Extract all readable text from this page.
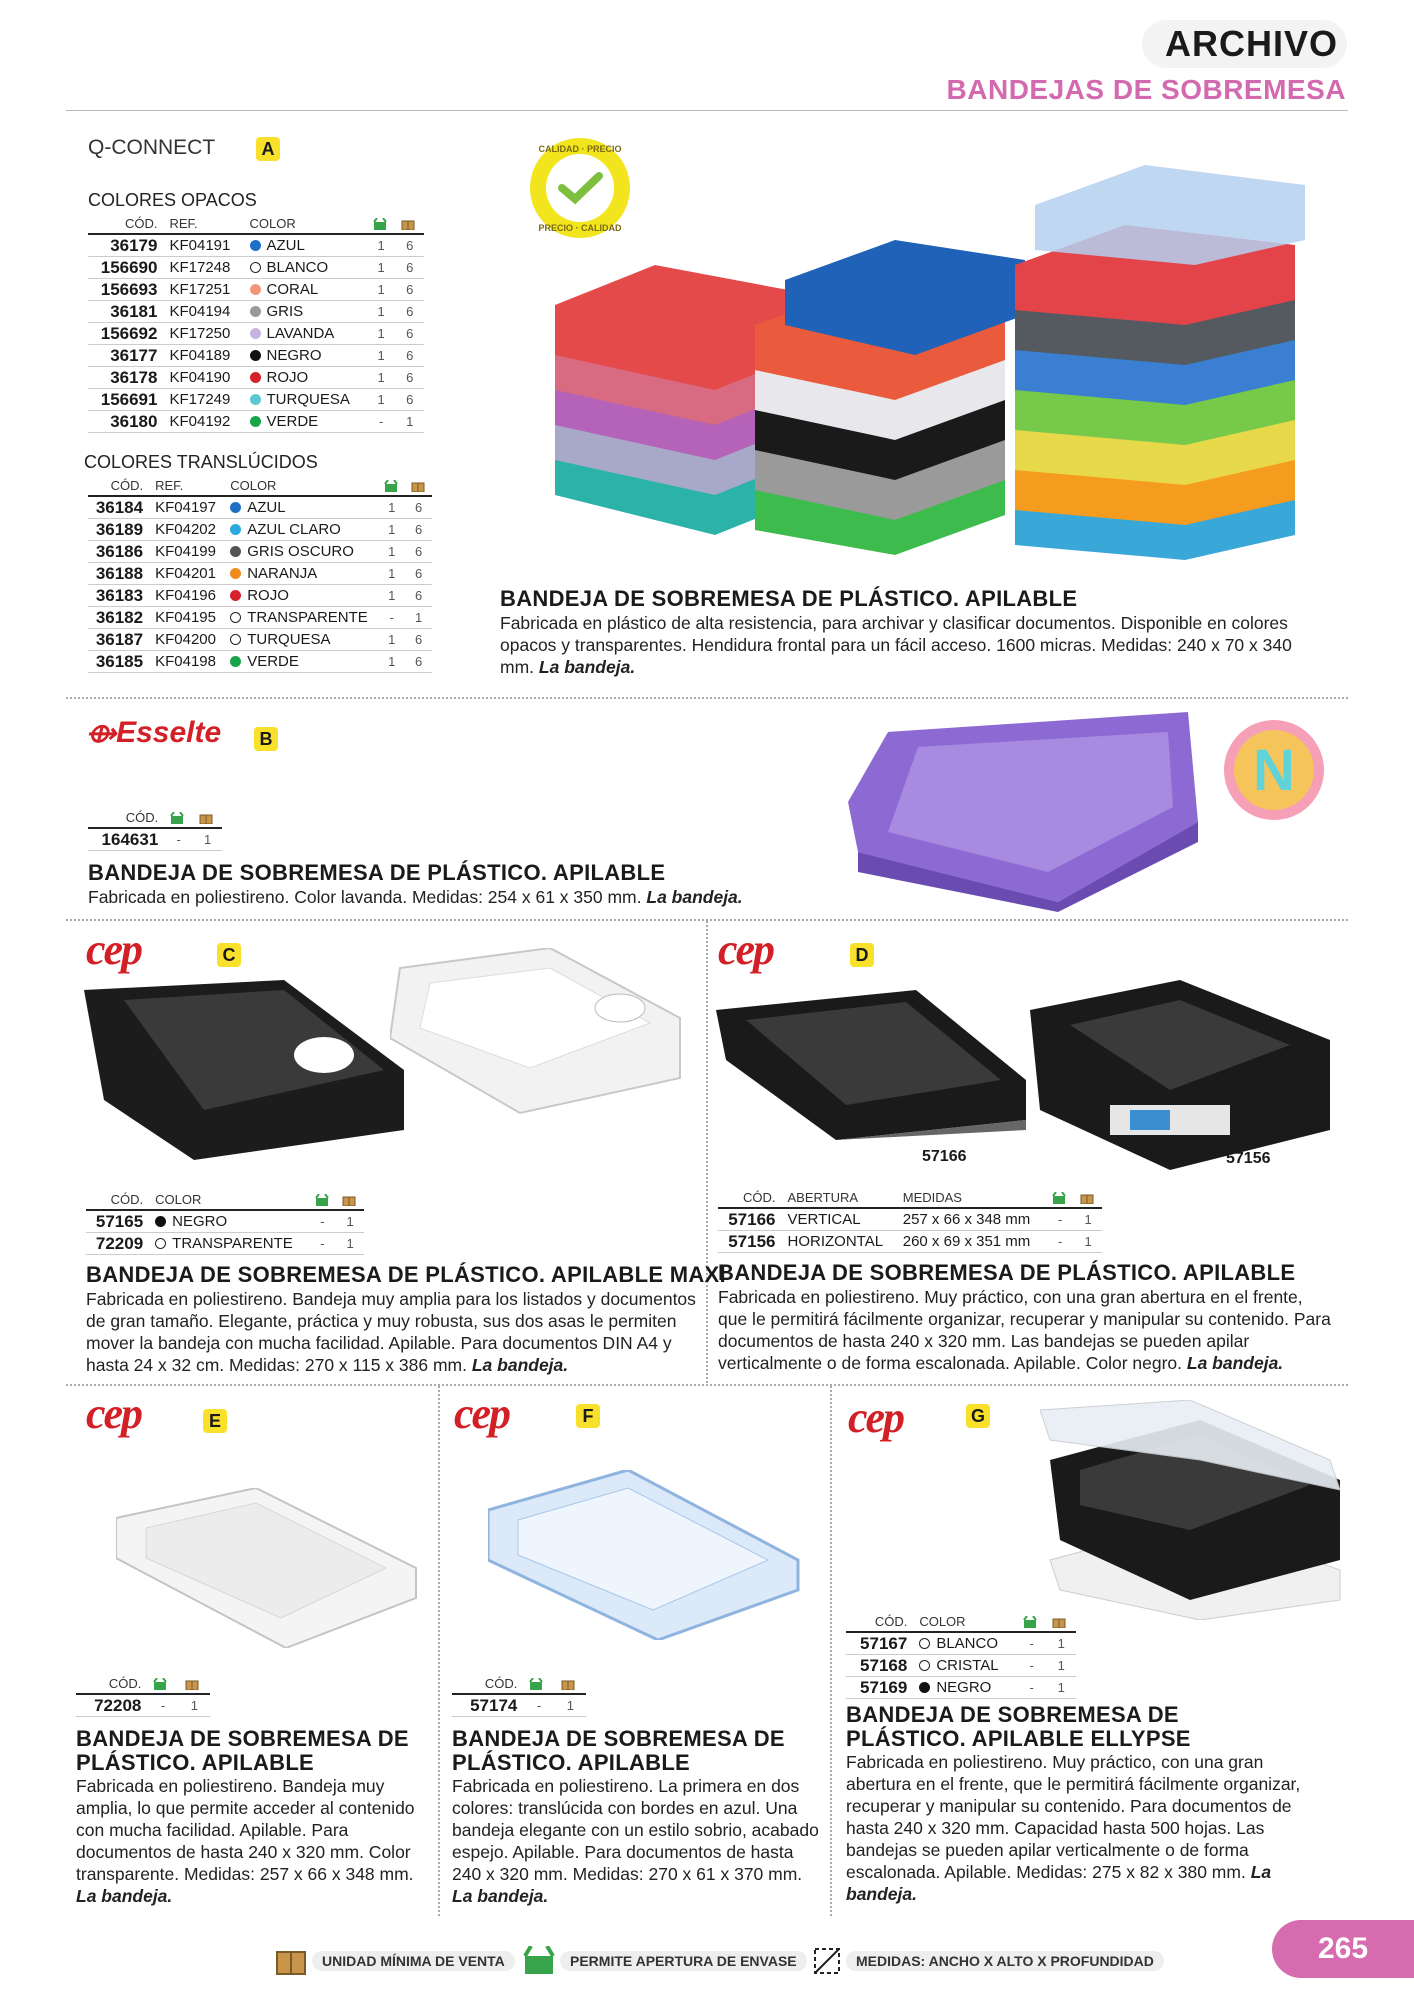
ARCHIVO
BANDEJAS DE SOBREMESA
Q-CONNECT	A
COLORES OPACOS
CÓD.	REF.	COLOR		
36179	KF04191	AZUL	1	6
156690	KF17248	BLANCO	1	6
156693	KF17251	CORAL	1	6
36181	KF04194	GRIS	1	6
156692	KF17250	LAVANDA	1	6
36177	KF04189	NEGRO	1	6
36178	KF04190	ROJO	1	6
156691	KF17249	TURQUESA	1	6
36180	KF04192	VERDE	-	1
COLORES TRANSLÚCIDOS
CÓD.	REF.	COLOR		
36184	KF04197	AZUL	1	6
36189	KF04202	AZUL CLARO	1	6
36186	KF04199	GRIS OSCURO	1	6
36188	KF04201	NARANJA	1	6
36183	KF04196	ROJO	1	6
36182	KF04195	TRANSPARENTE	-	1
36187	KF04200	TURQUESA	1	6
36185	KF04198	VERDE	1	6
CALIDAD · PRECIO
PRECIO · CALIDAD
BANDEJA DE SOBREMESA DE PLÁSTICO. APILABLE
Fabricada en plástico de alta resistencia, para archivar y clasificar documentos. Disponible en colores opacos y transparentes. Hendidura frontal para un fácil acceso. 1600 micras. Medidas: 240 x 70 x 340 mm. La bandeja.
⟴Esselte	B
CÓD.		
164631	-	1
N
BANDEJA DE SOBREMESA DE PLÁSTICO. APILABLE
Fabricada en poliestireno. Color lavanda. Medidas: 254 x 61 x 350 mm. La bandeja.
cep	C
CÓD.	COLOR		
57165	NEGRO	-	1
72209	TRANSPARENTE	-	1
BANDEJA DE SOBREMESA DE PLÁSTICO. APILABLE MAXI
Fabricada en poliestireno. Bandeja muy amplia para los listados y documentos de gran tamaño. Elegante, práctica y muy robusta, sus dos asas le permiten mover la bandeja con mucha facilidad. Apilable. Para documentos DIN A4 y hasta 24 x 32 cm. Medidas: 270 x 115 x 386 mm. La bandeja.
cep	D
57166	57156
CÓD.	ABERTURA	MEDIDAS		
57166	VERTICAL	257 x 66 x 348 mm	-	1
57156	HORIZONTAL	260 x 69 x 351 mm	-	1
BANDEJA DE SOBREMESA DE PLÁSTICO. APILABLE
Fabricada en poliestireno. Muy práctico, con una gran abertura en el frente, que le permitirá fácilmente organizar, recuperar y manipular su contenido. Para documentos de hasta 240 x 320 mm. Las bandejas se pueden apilar verticalmente o de forma escalonada. Apilable. Color negro. La bandeja.
cep	E
CÓD.		
72208	-	1
BANDEJA DE SOBREMESA DE PLÁSTICO. APILABLE
Fabricada en poliestireno. Bandeja muy amplia, lo que permite acceder al contenido con mucha facilidad. Apilable. Para documentos de hasta 240 x 320 mm. Color transparente. Medidas: 257 x 66 x 348 mm. La bandeja.
cep	F
CÓD.		
57174	-	1
BANDEJA DE SOBREMESA DE PLÁSTICO. APILABLE
Fabricada en poliestireno. La primera en dos colores: translúcida con bordes en azul. Una bandeja elegante con un estilo sobrio, acabado espejo. Apilable. Para documentos de hasta 240 x 320 mm. Medidas: 270 x 61 x 370 mm. La bandeja.
cep	G
CÓD.	COLOR		
57167	BLANCO	-	1
57168	CRISTAL	-	1
57169	NEGRO	-	1
BANDEJA DE SOBREMESA DE PLÁSTICO. APILABLE ELLYPSE
Fabricada en poliestireno. Muy práctico, con una gran abertura en el frente, que le permitirá fácilmente organizar, recuperar y manipular su contenido. Para documentos de hasta 240 x 320 mm. Capacidad hasta 500 hojas. Las bandejas se pueden apilar verticalmente o de forma escalonada. Apilable. Medidas: 275 x 82 x 380 mm. La bandeja.
UNIDAD MÍNIMA DE VENTA	PERMITE APERTURA DE ENVASE	MEDIDAS: ANCHO X ALTO X PROFUNDIDAD	265
